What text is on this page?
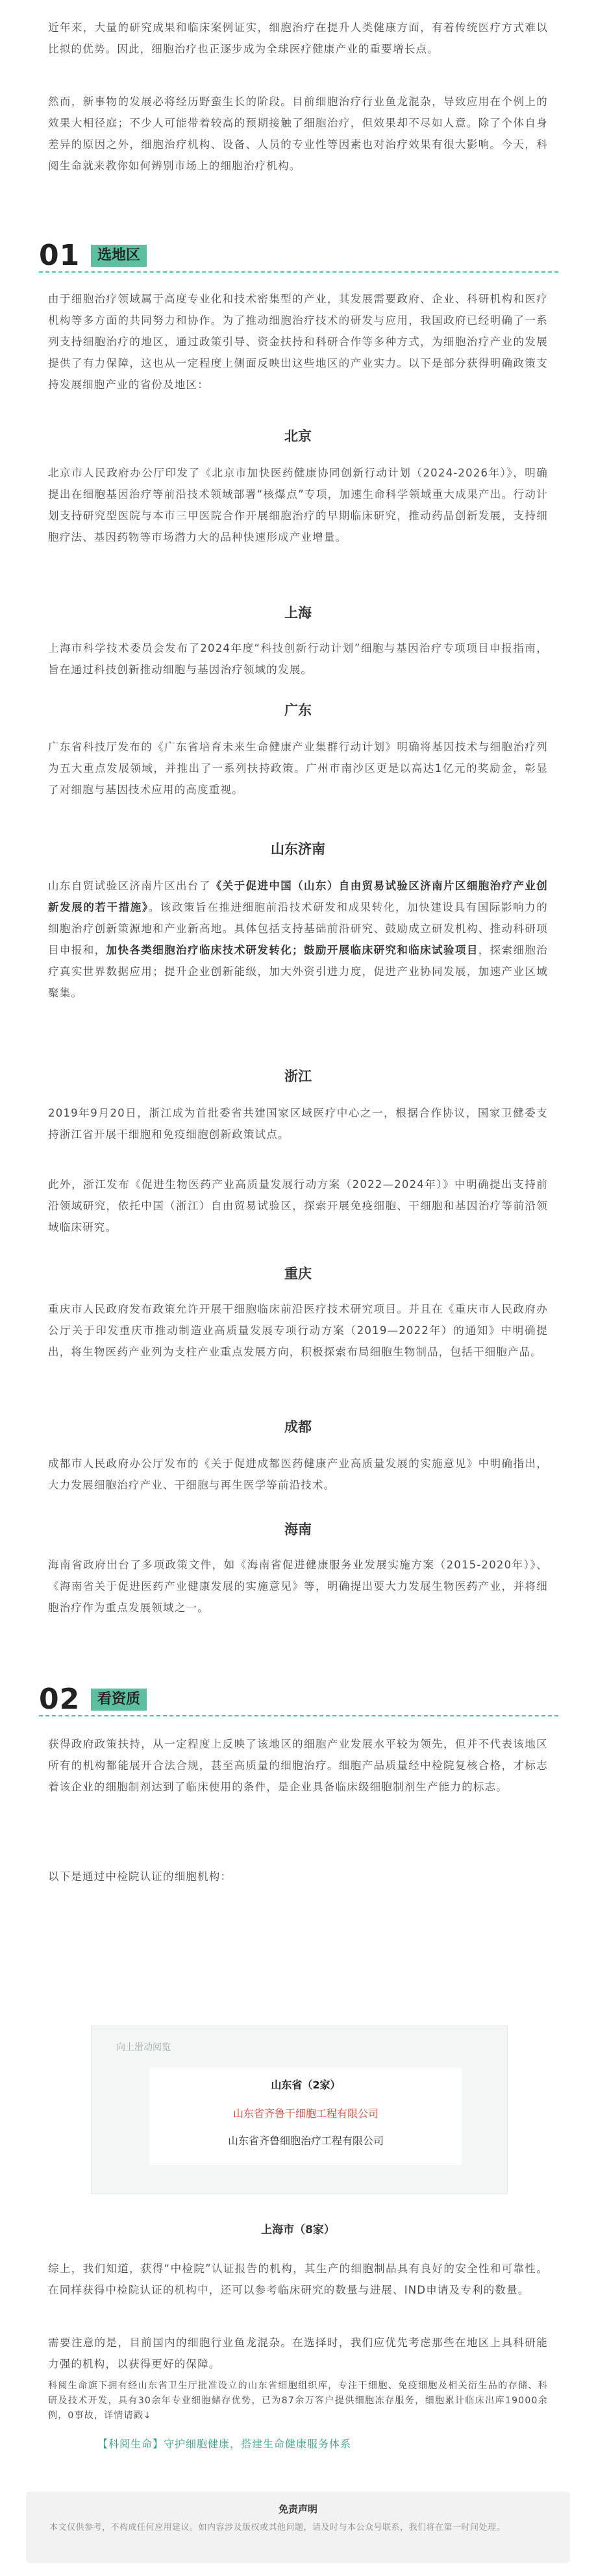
近年来，大量的研究成果和临床案例证实，细胞治疗在提升人类健康方面，有着传统医疗方式难以比拟的优势。因此，细胞治疗也正逐步成为全球医疗健康产业的重要增长点。

然而，新事物的发展必将经历野蛮生长的阶段。目前细胞治疗行业鱼龙混杂，导致应用在个例上的效果大相径庭；不少人可能带着较高的预期接触了细胞治疗，但效果却不尽如人意。除了个体自身差异的原因之外，细胞治疗机构、设备、人员的专业性等因素也对治疗效果有很大影响。今天，科阅生命就来教你如何辨别市场上的细胞治疗机构。

01	选地区

由于细胞治疗领域属于高度专业化和技术密集型的产业，其发展需要政府、企业、科研机构和医疗机构等多方面的共同努力和协作。为了推动细胞治疗技术的研发与应用，我国政府已经明确了一系列支持细胞治疗的地区，通过政策引导、资金扶持和科研合作等多种方式，为细胞治疗产业的发展提供了有力保障，这也从一定程度上侧面反映出这些地区的产业实力。以下是部分获得明确政策支持发展细胞产业的省份及地区：

北京

北京市人民政府办公厅印发了《北京市加快医药健康协同创新行动计划（2024-2026年）》，明确提出在细胞基因治疗等前沿技术领域部署“核爆点”专项，加速生命科学领域重大成果产出。行动计划支持研究型医院与本市三甲医院合作开展细胞治疗的早期临床研究，推动药品创新发展，支持细胞疗法、基因药物等市场潜力大的品种快速形成产业增量。

上海

上海市科学技术委员会发布了2024年度“科技创新行动计划”细胞与基因治疗专项项目申报指南，旨在通过科技创新推动细胞与基因治疗领域的发展。

广东

广东省科技厅发布的《广东省培育未来生命健康产业集群行动计划》明确将基因技术与细胞治疗列为五大重点发展领域，并推出了一系列扶持政策。广州市南沙区更是以高达1亿元的奖励金，彰显了对细胞与基因技术应用的高度重视。

山东济南

山东自贸试验区济南片区出台了《关于促进中国（山东）自由贸易试验区济南片区细胞治疗产业创新发展的若干措施》。该政策旨在推进细胞前沿技术研发和成果转化，加快建设具有国际影响力的细胞治疗创新策源地和产业新高地。具体包括支持基础前沿研究、鼓励成立研发机构、推动科研项目申报和，加快各类细胞治疗临床技术研发转化；鼓励开展临床研究和临床试验项目，探索细胞治疗真实世界数据应用；提升企业创新能级，加大外资引进力度，促进产业协同发展，加速产业区域聚集。

浙江

2019年9月20日，浙江成为首批委省共建国家区域医疗中心之一，根据合作协议，国家卫健委支持浙江省开展干细胞和免疫细胞创新政策试点。

此外，浙江发布《促进生物医药产业高质量发展行动方案（2022—2024年）》中明确提出支持前沿领域研究，依托中国（浙江）自由贸易试验区，探索开展免疫细胞、干细胞和基因治疗等前沿领域临床研究。

重庆

重庆市人民政府发布政策允许开展干细胞临床前沿医疗技术研究项目。并且在《重庆市人民政府办公厅关于印发重庆市推动制造业高质量发展专项行动方案（2019—2022年）的通知》中明确提出，将生物医药产业列为支柱产业重点发展方向，积极探索布局细胞生物制品，包括干细胞产品。

成都

成都市人民政府办公厅发布的《关于促进成都医药健康产业高质量发展的实施意见》中明确指出，大力发展细胞治疗产业、干细胞与再生医学等前沿技术。

海南

海南省政府出台了多项政策文件，如《海南省促进健康服务业发展实施方案（2015-2020年）》、《海南省关于促进医药产业健康发展的实施意见》等，明确提出要大力发展生物医药产业，并将细胞治疗作为重点发展领域之一。

02	看资质

获得政府政策扶持，从一定程度上反映了该地区的细胞产业发展水平较为领先，但并不代表该地区所有的机构都能展开合法合规，甚至高质量的细胞治疗。细胞产品质量经中检院复核合格，才标志着该企业的细胞制剂达到了临床使用的条件，是企业具备临床级细胞制剂生产能力的标志。

以下是通过中检院认证的细胞机构：

向上滑动阅览
山东省（2家）
山东省齐鲁干细胞工程有限公司
山东省齐鲁细胞治疗工程有限公司
上海市（8家）

综上，我们知道，获得“中检院”认证报告的机构，其生产的细胞制品具有良好的安全性和可靠性。在同样获得中检院认证的机构中，还可以参考临床研究的数量与进展、IND申请及专利的数量。

需要注意的是，目前国内的细胞行业鱼龙混杂。在选择时，我们应优先考虑那些在地区上具科研能力强的机构，以获得更好的保障。

科阅生命旗下拥有经山东省卫生厅批准设立的山东省细胞组织库，专注干细胞、免疫细胞及相关衍生品的存储、科研及技术开发，具有30余年专业细胞储存优势，已为87余万客户提供细胞冻存服务，细胞累计临床出库19000余例，0事故，详情请戳↓

【科阅生命】守护细胞健康，搭建生命健康服务体系
免责声明
本文仅供参考，不构成任何应用建议。如内容涉及版权或其他问题，请及时与本公众号联系，我们将在第一时间处理。
